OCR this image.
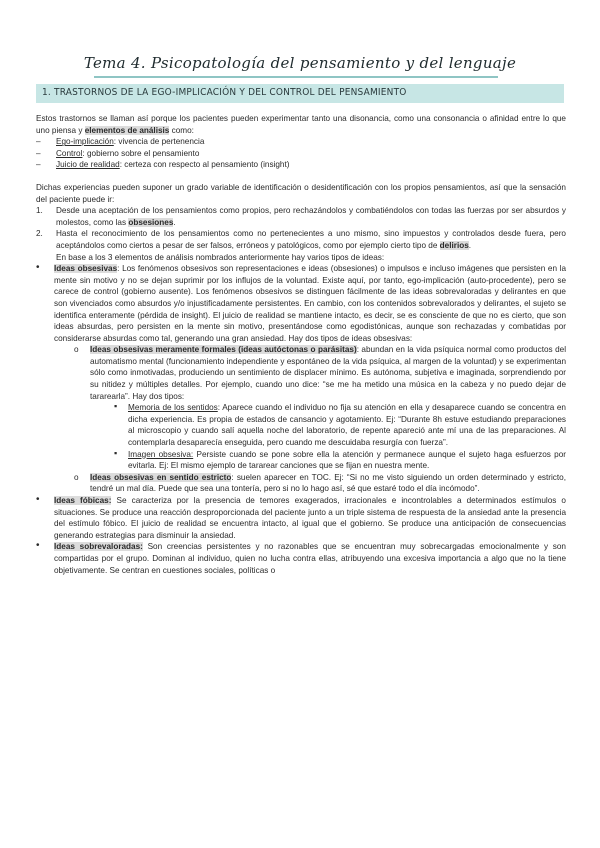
Tema 4. Psicopatología del pensamiento y del lenguaje
1. TRASTORNOS DE LA EGO-IMPLICACIÓN Y DEL CONTROL DEL PENSAMIENTO

Estos trastornos se llaman así porque los pacientes pueden experimentar tanto una disonancia, como una consonancia o afinidad entre lo que uno piensa y elementos de análisis como:

– Ego-implicación: vivencia de pertenencia
– Control: gobierno sobre el pensamiento
– Juicio de realidad: certeza con respecto al pensamiento (insight)

Dichas experiencias pueden suponer un grado variable de identificación o desidentificación con los propios pensamientos, así que la sensación del paciente puede ir:

1. Desde una aceptación de los pensamientos como propios, pero rechazándolos y combatiéndolos con todas las fuerzas por ser absurdos y molestos, como las obsesiones.
2. Hasta el reconocimiento de los pensamientos como no pertenecientes a uno mismo, sino impuestos y controlados desde fuera, pero aceptándolos como ciertos a pesar de ser falsos, erróneos y patológicos, como por ejemplo cierto tipo de delirios.
En base a los 3 elementos de análisis nombrados anteriormente hay varios tipos de ideas:
• Ideas obsesivas: Los fenómenos obsesivos son representaciones e ideas (obsesiones) o impulsos e incluso imágenes que persisten en la mente sin motivo y no se dejan suprimir por los influjos de la voluntad. Existe aquí, por tanto, ego-implicación (auto-procedente), pero se carece de control (gobierno ausente). Los fenómenos obsesivos se distinguen fácilmente de las ideas sobrevaloradas y delirantes en que son vivenciados como absurdos y/o injustificadamente persistentes. En cambio, con los contenidos sobrevalorados y delirantes, el sujeto se identifica enteramente (pérdida de insight). El juicio de realidad se mantiene intacto, es decir, se es consciente de que no es cierto, que son ideas absurdas, pero persisten en la mente sin motivo, presentándose como egodistónicas, aunque son rechazadas y combatidas por considerarse absurdas como tal, generando una gran ansiedad. Hay dos tipos de ideas obsesivas:
o Ideas obsesivas meramente formales (ideas autóctonas o parásitas): abundan en la vida psíquica normal como productos del automatismo mental (funcionamiento independiente y espontáneo de la vida psíquica, al margen de la voluntad) y se experimentan sólo como inmotivadas, produciendo un sentimiento de displacer mínimo. Es autónoma, subjetiva e imaginada, sorprendiendo por su nitidez y múltiples detalles. Por ejemplo, cuando uno dice: “se me ha metido una música en la cabeza y no puedo dejar de tararearla”. Hay dos tipos:
▪ Memoria de los sentidos: Aparece cuando el individuo no fija su atención en ella y desaparece cuando se concentra en dicha experiencia. Es propia de estados de cansancio y agotamiento. Ej: “Durante 8h estuve estudiando preparaciones al microscopio y cuando salí aquella noche del laboratorio, de repente apareció ante mí una de las preparaciones. Al contemplarla desaparecía enseguida, pero cuando me descuidaba resurgía con fuerza”.
▪ Imagen obsesiva: Persiste cuando se pone sobre ella la atención y permanece aunque el sujeto haga esfuerzos por evitarla. Ej: El mismo ejemplo de tararear canciones que se fijan en nuestra mente.
o Ideas obsesivas en sentido estricto: suelen aparecer en TOC. Ej: “Si no me visto siguiendo un orden determinado y estricto, tendré un mal día. Puede que sea una tontería, pero si no lo hago así, sé que estaré todo el día incómodo”.
• Ideas fóbicas: Se caracteriza por la presencia de temores exagerados, irracionales e incontrolables a determinados estímulos o situaciones. Se produce una reacción desproporcionada del paciente junto a un triple sistema de respuesta de la ansiedad ante la presencia del estímulo fóbico. El juicio de realidad se encuentra intacto, al igual que el gobierno. Se produce una anticipación de consecuencias generando estrategias para disminuir la ansiedad.
• Ideas sobrevaloradas: Son creencias persistentes y no razonables que se encuentran muy sobrecargadas emocionalmente y son compartidas por el grupo. Dominan al individuo, quien no lucha contra ellas, atribuyendo una excesiva importancia a algo que no la tiene objetivamente. Se centran en cuestiones sociales, políticas o
